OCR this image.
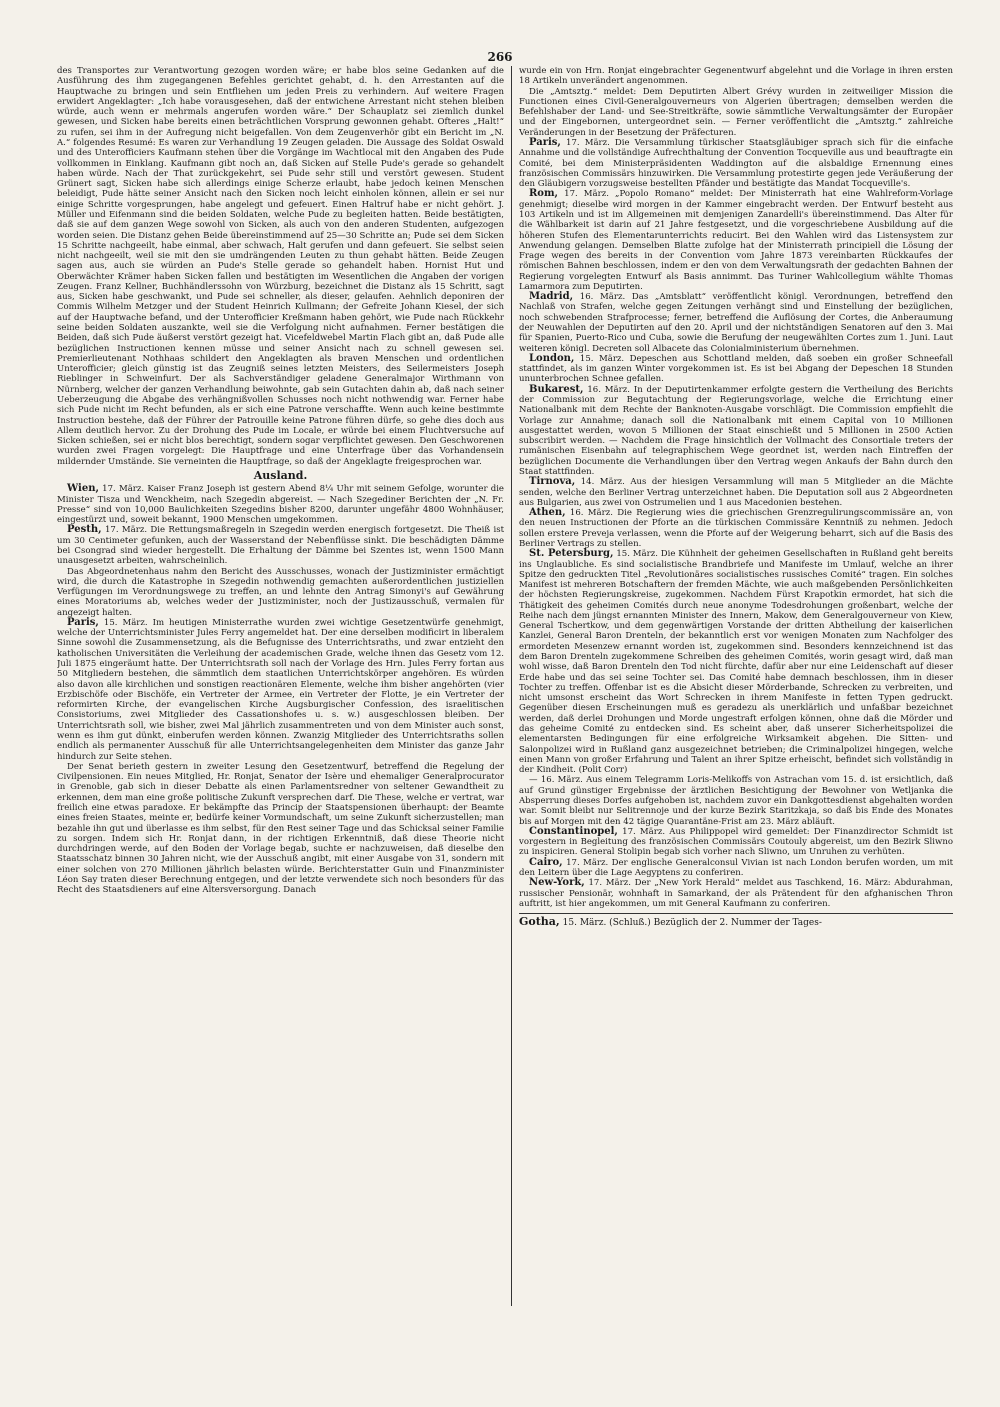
266

des Transportes zur Verantwortung gezogen worden wäre; er habe blos seine Gedanken auf die Ausführung des ihm zugegangenen Befehles gerichtet gehabt, d. h. den Arrestanten auf die Hauptwache zu bringen und sein Entfliehen um jeden Preis zu verhindern. Auf weitere Fragen erwidert Angeklagter: „Ich habe vorausgesehen, daß der entwichene Arrestant nicht stehen bleiben würde, auch wenn er mehrmals angerufen worden wäre.“ Der Schauplatz sei ziemlich dunkel gewesen, und Sicken habe bereits einen beträchtlichen Vorsprung gewonnen gehabt. Ofteres „Halt!“ zu rufen, sei ihm in der Aufregung nicht beigefallen. Von dem Zeugenverhör gibt ein Bericht im „N. A.“ folgendes Resumé: Es waren zur Verhandlung 19 Zeugen geladen. Die Aussage des Soldat Oswald und des Unterofficiers Kaufmann stehen über die Vorgänge im Wachtlocal mit den Angaben des Pude vollkommen in Einklang. Kaufmann gibt noch an, daß Sicken auf Stelle Pude's gerade so gehandelt haben würde. Nach der That zurückgekehrt, sei Pude sehr still und verstört gewesen. Student Grünert sagt, Sicken habe sich allerdings einige Scherze erlaubt, habe jedoch keinen Menschen beleidigt, Pude hätte seiner Ansicht nach den Sicken noch leicht einholen können, allein er sei nur einige Schritte vorgesprungen, habe angelegt und gefeuert. Einen Haltruf habe er nicht gehört. J. Müller und Eifenmann sind die beiden Soldaten, welche Pude zu begleiten hatten. Beide bestätigten, daß sie auf dem ganzen Wege sowohl von Sicken, als auch von den anderen Studenten, aufgezogen worden seien. Die Distanz gehen Beide übereinstimmend auf 25—30 Schritte an; Pude sei dem Sicken 15 Schritte nachgeeilt, habe einmal, aber schwach, Halt gerufen und dann gefeuert. Sie selbst seien nicht nachgeeilt, weil sie mit den sie umdrängenden Leuten zu thun gehabt hätten. Beide Zeugen sagen aus, auch sie würden an Pude's Stelle gerade so gehandelt haben. Hornist Hut und Oberwächter Krämer haben Sicken fallen und bestätigten im Wesentlichen die Angaben der vorigen Zeugen. Franz Kellner, Buchhändlerssohn von Würzburg, bezeichnet die Distanz als 15 Schritt, sagt aus, Sicken habe geschwankt, und Pude sei schneller, als dieser, gelaufen. Aehnlich deponiren der Commis Wilhelm Metzger und der Student Heinrich Kullmann; der Gefreite Johann Kiesel, der sich auf der Hauptwache befand, und der Unterofficier Kreßmann haben gehört, wie Pude nach Rückkehr seine beiden Soldaten auszankte, weil sie die Verfolgung nicht aufnahmen. Ferner bestätigen die Beiden, daß sich Pude äußerst verstört gezeigt hat. Vicefeldwebel Martin Flach gibt an, daß Pude alle bezüglichen Instructionen kennen müsse und seiner Ansicht nach zu schnell gewesen sei. Premierlieutenant Nothhaas schildert den Angeklagten als braven Menschen und ordentlichen Unterofficier; gleich günstig ist das Zeugniß seines letzten Meisters, des Seilermeisters Joseph Rieblinger in Schweinfurt. Der als Sachverständiger geladene Generalmajor Wirthmann von Nürnberg, welcher der ganzen Verhandlung beiwohnte, gab sein Gutachten dahin ab, daß nach seiner Ueberzeugung die Abgabe des verhängnißvollen Schusses noch nicht nothwendig war. Ferner habe sich Pude nicht im Recht befunden, als er sich eine Patrone verschaffte. Wenn auch keine bestimmte Instruction bestehe, daß der Führer der Patrouille keine Patrone führen dürfe, so gehe dies doch aus Allem deutlich hervor. Zu der Drohung des Pude im Locale, er würde bei einem Fluchtversuche auf Sicken schießen, sei er nicht blos berechtigt, sondern sogar verpflichtet gewesen. Den Geschworenen wurden zwei Fragen vorgelegt: Die Hauptfrage und eine Unterfrage über das Vorhandensein mildernder Umstände. Sie verneinten die Hauptfrage, so daß der Angeklagte freigesprochen war.

Ausland.

Wien, 17. März. Kaiser Franz Joseph ist gestern Abend 8¼ Uhr mit seinem Gefolge, worunter die Minister Tisza und Wenckheim, nach Szegedin abgereist. — Nach Szegediner Berichten der „N. Fr. Presse“ sind von 10,000 Baulichkeiten Szegedins bisher 8200, darunter ungefähr 4800 Wohnhäuser, eingestürzt und, soweit bekannt, 1900 Menschen umgekommen.

Pesth, 17. März. Die Rettungsmaßregeln in Szegedin werden energisch fortgesetzt. Die Theiß ist um 30 Centimeter gefunken, auch der Wasserstand der Nebenflüsse sinkt. Die beschädigten Dämme bei Csongrad sind wieder hergestellt. Die Erhaltung der Dämme bei Szentes ist, wenn 1500 Mann unausgesetzt arbeiten, wahrscheinlich.

Das Abgeordnetenhaus nahm den Bericht des Ausschusses, wonach der Justizminister ermächtigt wird, die durch die Katastrophe in Szegedin nothwendig gemachten außerordentlichen justiziellen Verfügungen im Verordnungswege zu treffen, an und lehnte den Antrag Simonyi's auf Gewährung eines Moratoriums ab, welches weder der Justizminister, noch der Justizausschuß, vermalen für angezeigt halten.

Paris, 15. März. Im heutigen Ministerrathe wurden zwei wichtige Gesetzentwürfe genehmigt, welche der Unterrichtsminister Jules Ferry angemeldet hat. Der eine derselben modificirt in liberalem Sinne sowohl die Zusammensetzung, als die Befugnisse des Unterrichtsraths, und zwar entzieht den katholischen Universitäten die Verleihung der academischen Grade, welche ihnen das Gesetz vom 12. Juli 1875 eingeräumt hatte. Der Unterrichtsrath soll nach der Vorlage des Hrn. Jules Ferry fortan aus 50 Mitgliedern bestehen, die sämmtlich dem staatlichen Unterrichtskörper angehören. Es würden also davon alle kirchlichen und sonstigen reactionären Elemente, welche ihm bisher angehörten (vier Erzbischöfe oder Bischöfe, ein Vertreter der Armee, ein Vertreter der Flotte, je ein Vertreter der reformirten Kirche, der evangelischen Kirche Augsburgischer Confession, des israelitischen Consistoriums, zwei Mitglieder des Cassationshofes u. s. w.) ausgeschlossen bleiben. Der Unterrichtsrath soll, wie bisher, zwei Mal jährlich zusammentreten und von dem Minister auch sonst, wenn es ihm gut dünkt, einberufen werden können. Zwanzig Mitglieder des Unterrichtsraths sollen endlich als permanenter Ausschuß für alle Unterrichtsangelegenheiten dem Minister das ganze Jahr hindurch zur Seite stehen.

Der Senat berieth gestern in zweiter Lesung den Gesetzentwurf, betreffend die Regelung der Civilpensionen. Ein neues Mitglied, Hr. Ronjat, Senator der Isère und ehemaliger Generalprocurator in Grenoble, gab sich in dieser Debatte als einen Parlamentsredner von seltener Gewandtheit zu erkennen, dem man eine große politische Zukunft versprechen darf. Die These, welche er vertrat, war freilich eine etwas paradoxe. Er bekämpfte das Princip der Staatspensionen überhaupt: der Beamte eines freien Staates, meinte er, bedürfe keiner Vormundschaft, um seine Zukunft sicherzustellen; man bezahle ihn gut und überlasse es ihm selbst, für den Rest seiner Tage und das Schicksal seiner Familie zu sorgen. Indem sich Hr. Ronjat dann, in der richtigen Erkenntniß, daß diese Theorie nicht durchdringen werde, auf den Boden der Vorlage begab, suchte er nachzuweisen, daß dieselbe den Staatsschatz binnen 30 Jahren nicht, wie der Ausschuß angibt, mit einer Ausgabe von 31, sondern mit einer solchen von 270 Millionen jährlich belasten würde. Berichterstatter Guin und Finanzminister Léon Say traten dieser Berechnung entgegen, und der letzte verwendete sich noch besonders für das Recht des Staatsdieners auf eine Altersversorgung. Danach

wurde ein von Hrn. Ronjat eingebrachter Gegenentwurf abgelehnt und die Vorlage in ihren ersten 18 Artikeln unverändert angenommen.

Die „Amtsztg.“ meldet: Dem Deputirten Albert Grévy wurden in zeitweiliger Mission die Functionen eines Civil-Generalgouverneurs von Algerien übertragen; demselben werden die Befehlshaber der Land- und See-Streitkräfte, sowie sämmtliche Verwaltungsämter der Europäer und der Eingebornen, untergeordnet sein. — Ferner veröffentlicht die „Amtsztg.“ zahlreiche Veränderungen in der Besetzung der Präfecturen.

Paris, 17. März. Die Versammlung türkischer Staatsgläubiger sprach sich für die einfache Annahme und die vollständige Aufrechthaltung der Convention Tocqueville aus und beauftragte ein Comité, bei dem Ministerpräsidenten Waddington auf die alsbaldige Ernennung eines französischen Commissärs hinzuwirken. Die Versammlung protestirte gegen jede Veräußerung der den Gläubigern vorzugsweise bestellten Pfänder und bestätigte das Mandat Tocqueville's.

Rom, 17. März. „Popolo Romano“ meldet: Der Ministerrath hat eine Wahlreform-Vorlage genehmigt; dieselbe wird morgen in der Kammer eingebracht werden. Der Entwurf besteht aus 103 Artikeln und ist im Allgemeinen mit demjenigen Zanardelli's übereinstimmend. Das Alter für die Wählbarkeit ist darin auf 21 Jahre festgesetzt, und die vorgeschriebene Ausbildung auf die höheren Stufen des Elementarunterrichts reducirt. Bei den Wahlen wird das Listensystem zur Anwendung gelangen. Demselben Blatte zufolge hat der Ministerrath principiell die Lösung der Frage wegen des bereits in der Convention vom Jahre 1873 vereinbarten Rückkaufes der römischen Bahnen beschlossen, indem er den von dem Verwaltungsrath der gedachten Bahnen der Regierung vorgelegten Entwurf als Basis annimmt. Das Turiner Wahlcollegium wählte Thomas Lamarmora zum Deputirten.

Madrid, 16. März. Das „Amtsblatt“ veröffentlicht königl. Verordnungen, betreffend den Nachlaß von Strafen, welche gegen Zeitungen verhängt sind und Einstellung der bezüglichen, noch schwebenden Strafprocesse; ferner, betreffend die Auflösung der Cortes, die Anberaumung der Neuwahlen der Deputirten auf den 20. April und der nichtständigen Senatoren auf den 3. Mai für Spanien, Puerto-Rico und Cuba, sowie die Berufung der neugewählten Cortes zum 1. Juni. Laut weiteren königl. Decreten soll Albacete das Colonialministerium übernehmen.

London, 15. März. Depeschen aus Schottland melden, daß soeben ein großer Schneefall stattfindet, als im ganzen Winter vorgekommen ist. Es ist bei Abgang der Depeschen 18 Stunden ununterbrochen Schnee gefallen.

Bukarest, 16. März. In der Deputirtenkammer erfolgte gestern die Vertheilung des Berichts der Commission zur Begutachtung der Regierungsvorlage, welche die Errichtung einer Nationalbank mit dem Rechte der Banknoten-Ausgabe vorschlägt. Die Commission empfiehlt die Vorlage zur Annahme; danach soll die Nationalbank mit einem Capital von 10 Millionen ausgestattet werden, wovon 5 Millionen der Staat einschießt und 5 Millionen in 2500 Actien subscribirt werden. — Nachdem die Frage hinsichtlich der Vollmacht des Consortiale treters der rumänischen Eisenbahn auf telegraphischem Wege geordnet ist, werden nach Eintreffen der bezüglichen Documente die Verhandlungen über den Vertrag wegen Ankaufs der Bahn durch den Staat stattfinden.

Tirnova, 14. März. Aus der hiesigen Versammlung will man 5 Mitglieder an die Mächte senden, welche den Berliner Vertrag unterzeichnet haben. Die Deputation soll aus 2 Abgeordneten aus Bulgarien, aus zwei von Ostrumelien und 1 aus Macedonien bestehen.

Athen, 16. März. Die Regierung wies die griechischen Grenzregulirungscommissäre an, von den neuen Instructionen der Pforte an die türkischen Commissäre Kenntniß zu nehmen. Jedoch sollen erstere Preveja verlassen, wenn die Pforte auf der Weigerung beharrt, sich auf die Basis des Berliner Vertrags zu stellen.

St. Petersburg, 15. März. Die Kühnheit der geheimen Gesellschaften in Rußland geht bereits ins Unglaubliche. Es sind socialistische Brandbriefe und Manifeste im Umlauf, welche an ihrer Spitze den gedruckten Titel „Revolutionäres socialistisches russisches Comité“ tragen. Ein solches Manifest ist mehreren Botschaftern der fremden Mächte, wie auch maßgebenden Persönlichkeiten der höchsten Regierungskreise, zugekommen. Nachdem Fürst Krapotkin ermordet, hat sich die Thätigkeit des geheimen Comités durch neue anonyme Todesdrohungen großenbart, welche der Reihe nach dem jüngst ernannten Minister des Innern, Makow, dem Generalgouverneur von Kiew, General Tschertkow, und dem gegenwärtigen Vorstande der dritten Abtheilung der kaiserlichen Kanzlei, General Baron Drenteln, der bekanntlich erst vor wenigen Monaten zum Nachfolger des ermordeten Mesenzew ernannt worden ist, zugekommen sind. Besonders kennzeichnend ist das dem Baron Drenteln zugekommene Schreiben des geheimen Comités, worin gesagt wird, daß man wohl wisse, daß Baron Drenteln den Tod nicht fürchte, dafür aber nur eine Leidenschaft auf dieser Erde habe und das sei seine Tochter sei. Das Comité habe demnach beschlossen, ihm in dieser Tochter zu treffen. Offenbar ist es die Absicht dieser Mörderbande, Schrecken zu verbreiten, und nicht umsonst erscheint das Wort Schrecken in ihrem Manifeste in fetten Typen gedruckt. Gegenüber diesen Erscheinungen muß es geradezu als unerklärlich und unfaßbar bezeichnet werden, daß derlei Drohungen und Morde ungestraft erfolgen können, ohne daß die Mörder und das geheime Comité zu entdecken sind. Es scheint aber, daß unserer Sicherheitspolizei die elementarsten Bedingungen für eine erfolgreiche Wirksamkeit abgehen. Die Sitten- und Salonpolizei wird in Rußland ganz ausgezeichnet betrieben; die Criminalpolizei hingegen, welche einen Mann von großer Erfahrung und Talent an ihrer Spitze erheischt, befindet sich vollständig in der Kindheit. (Polit Corr)

— 16. März. Aus einem Telegramm Loris-Melikoffs von Astrachan vom 15. d. ist ersichtlich, daß auf Grund günstiger Ergebnisse der ärztlichen Besichtigung der Bewohner von Wetljanka die Absperrung dieses Dorfes aufgehoben ist, nachdem zuvor ein Dankgottesdienst abgehalten worden war. Somit bleibt nur Selitrennoje und der kurze Bezirk Staritzkaja, so daß bis Ende des Monates bis auf Morgen mit den 42 tägige Quarantäne-Frist am 23. März abläuft.

Constantinopel, 17. März. Aus Philippopel wird gemeldet: Der Finanzdirector Schmidt ist vorgestern in Begleitung des französischen Commissärs Coutouly abgereist, um den Bezirk Sliwno zu inspiciren. General Stolipin begab sich vorher nach Sliwno, um Unruhen zu verhüten.

Cairo, 17. März. Der englische Generalconsul Vivian ist nach London berufen worden, um mit den Leitern über die Lage Aegyptens zu conferiren.

New-York, 17. März. Der „New York Herald“ meldet aus Taschkend, 16. März: Abdurahman, russischer Pensionär, wohnhaft in Samarkand, der als Prätendent für den afghanischen Thron auftritt, ist hier angekommen, um mit General Kaufmann zu conferiren.

Gotha, 15. März. (Schluß.) Bezüglich der 2. Nummer der Tages-
